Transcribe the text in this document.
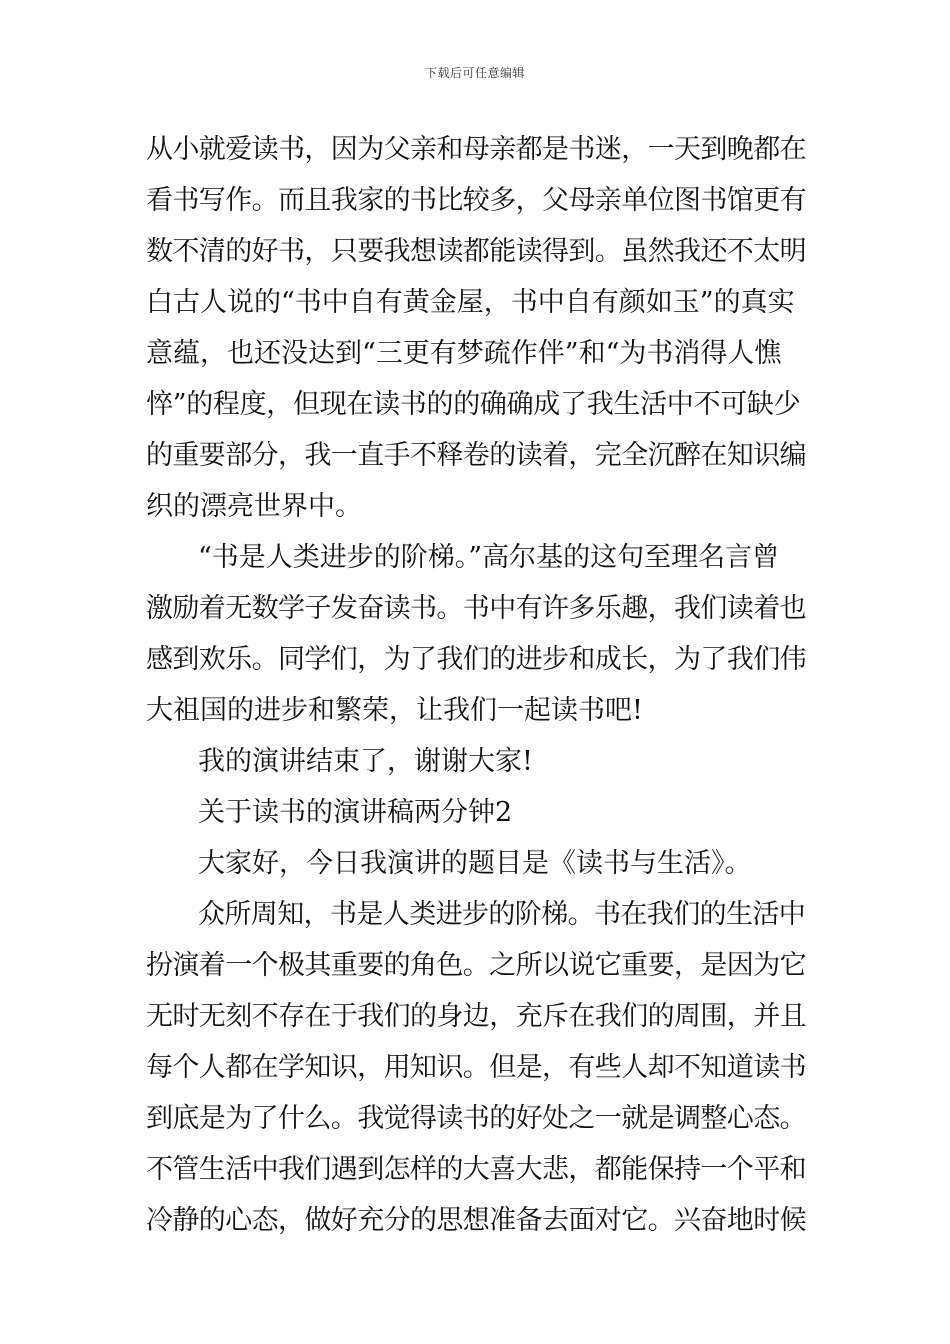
下载后可任意编辑
从小就爱读书，因为父亲和母亲都是书迷，一天到晚都在
看书写作。而且我家的书比较多，父母亲单位图书馆更有
数不清的好书，只要我想读都能读得到。虽然我还不太明
白古人说的“书中自有黄金屋，书中自有颜如玉”的真实
意蕴，也还没达到“三更有梦疏作伴”和“为书消得人憔
悴”的程度，但现在读书的的确确成了我生活中不可缺少
的重要部分，我一直手不释卷的读着，完全沉醉在知识编
织的漂亮世界中。
“书是人类进步的阶梯。”高尔基的这句至理名言曾
激励着无数学子发奋读书。书中有许多乐趣，我们读着也
感到欢乐。同学们，为了我们的进步和成长，为了我们伟
大祖国的进步和繁荣，让我们一起读书吧!
我的演讲结束了，谢谢大家!
关于读书的演讲稿两分钟2
大家好，今日我演讲的题目是《读书与生活》。
众所周知，书是人类进步的阶梯。书在我们的生活中
扮演着一个极其重要的角色。之所以说它重要，是因为它
无时无刻不存在于我们的身边，充斥在我们的周围，并且
每个人都在学知识，用知识。但是，有些人却不知道读书
到底是为了什么。我觉得读书的好处之一就是调整心态。
不管生活中我们遇到怎样的大喜大悲，都能保持一个平和
冷静的心态，做好充分的思想准备去面对它。兴奋地时候
